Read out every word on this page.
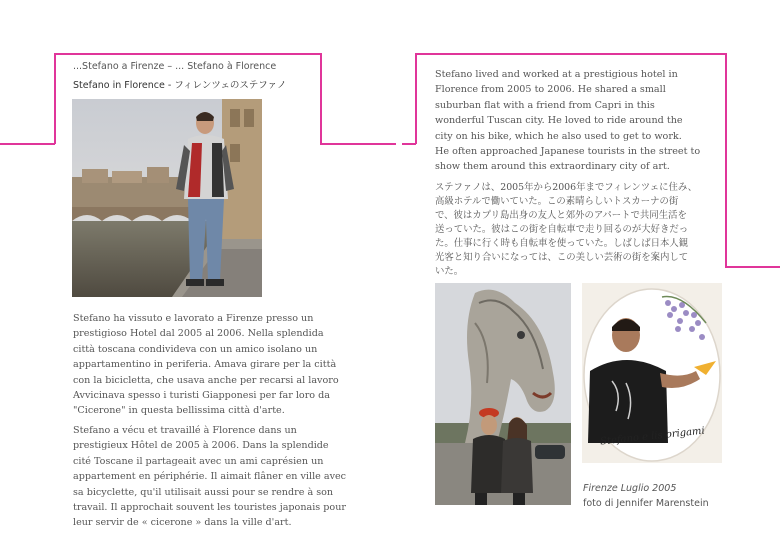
...Stefano a Firenze – ... Stefano à Florence
Stefano in Florence - フィレンツェのステファノ
Stefano ha vissuto e lavorato a Firenze presso un
prestigioso Hotel dal 2005 al 2006. Nella splendida
città toscana condivideva con un amico isolano un
appartamentino in periferia. Amava girare per la città
con la bicicletta, che usava anche per recarsi al lavoro
Avvicinava spesso i turisti Giapponesi per far loro da
"Cicerone" in questa bellissima città d'arte.
Stefano a vécu et travaillé à Florence dans un
prestigieux Hôtel de 2005 à 2006. Dans la splendide
cité Toscane il partageait avec un ami caprésien un
appartement en périphérie. Il aimait flâner en ville avec
sa bicyclette, qu'il utilisait aussi pour se rendre à son
travail. Il approchait souvent les touristes japonais pour
leur servir de « cicerone » dans la ville d'art.
Stefano lived and worked at a prestigious hotel in
Florence from 2005 to 2006. He shared a small
suburban flat with a friend from Capri in this
wonderful Tuscan city. He loved to ride around the
city on his bike, which he also used to get to work.
He often approached Japanese tourists in the street to
show them around this extraordinary city of art.
ステファノは、2005年から2006年までフィレンツェに住み、
高級ホテルで働いていた。この素晴らしいトスカーナの街
で、彼はカプリ島出身の友人と郊外のアパートで共同生活を
送っていた。彼はこの街を自転車で走り回るのが大好きだっ
た。仕事に行く時も自転車を使っていた。しばしば日本人観
光客と知り合いになっては、この美しい芸術の街を案内して
いた。
Stefano e lis origami
Firenze Luglio 2005
foto di Jennifer Marenstein
